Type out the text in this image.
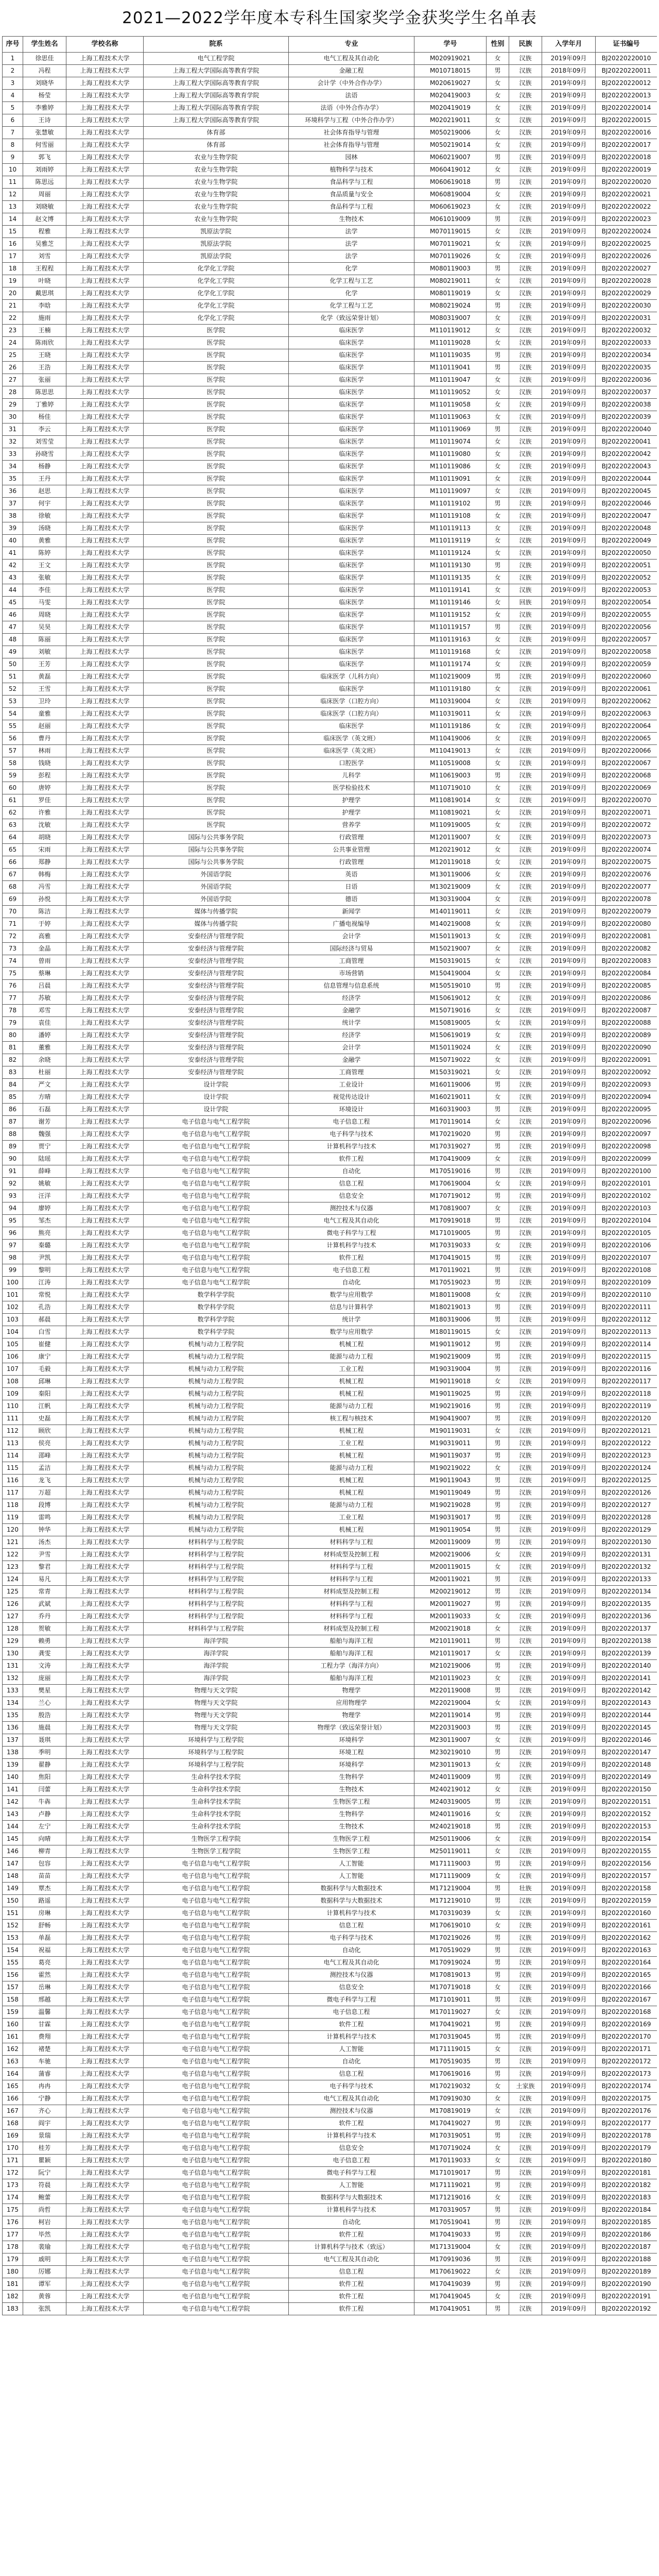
2021—2022学年度本专科生国家奖学金获奖学生名单表
序号	学生姓名	学校名称	院系	专业	学号	性别	民族	入学年月	证书编号
1	徐思佳	上海工程技术大学	电气工程学院	电气工程及其自动化	M020919021	女	汉族	2019年09月	BJ20220220010
2	冯程	上海工程技术大学	上海工程大学国际高等教育学院	金融工程	M010718015	男	汉族	2018年09月	BJ20220220011
3	刘晓华	上海工程技术大学	上海工程大学国际高等教育学院	会计学（中外合作办学）	M020619027	女	汉族	2019年09月	BJ20220220012
4	杨莹	上海工程技术大学	上海工程大学国际高等教育学院	法语	M020419003	女	汉族	2019年09月	BJ20220220013
5	李雅婷	上海工程技术大学	上海工程大学国际高等教育学院	法语（中外合作办学）	M020419019	女	汉族	2019年09月	BJ20220220014
6	王诗	上海工程技术大学	上海工程大学国际高等教育学院	环境科学与工程（中外合作办学）	M020219011	女	汉族	2019年09月	BJ20220220015
7	张慧敏	上海工程技术大学	体育部	社会体育指导与管理	M050219006	女	汉族	2019年09月	BJ20220220016
8	何雪丽	上海工程技术大学	体育部	社会体育指导与管理	M050219014	女	汉族	2019年09月	BJ20220220017
9	郭飞	上海工程技术大学	农业与生物学院	园林	M060219007	男	汉族	2019年09月	BJ20220220018
10	刘雨婷	上海工程技术大学	农业与生物学院	植物科学与技术	M060419012	女	汉族	2019年09月	BJ20220220019
11	陈思远	上海工程技术大学	农业与生物学院	食品科学与工程	M060619018	男	汉族	2019年09月	BJ20220220020
12	周丽	上海工程技术大学	农业与生物学院	食品质量与安全	M060819004	女	汉族	2019年09月	BJ20220220021
13	刘晓敏	上海工程技术大学	农业与生物学院	食品科学与工程	M060619023	女	汉族	2019年09月	BJ20220220022
14	赵文博	上海工程技术大学	农业与生物学院	生物技术	M061019009	男	汉族	2019年09月	BJ20220220023
15	程雅	上海工程技术大学	凯原法学院	法学	M070119015	女	汉族	2019年09月	BJ20220220024
16	吴雅芝	上海工程技术大学	凯原法学院	法学	M070119021	女	汉族	2019年09月	BJ20220220025
17	刘雪	上海工程技术大学	凯原法学院	法学	M070119026	女	汉族	2019年09月	BJ20220220026
18	王程程	上海工程技术大学	化学化工学院	化学	M080119003	男	汉族	2019年09月	BJ20220220027
19	叶晓	上海工程技术大学	化学化工学院	化学工程与工艺	M080219011	女	汉族	2019年09月	BJ20220220028
20	戴思琪	上海工程技术大学	化学化工学院	化学	M080119019	女	汉族	2019年09月	BJ20220220029
21	李晗	上海工程技术大学	化学化工学院	化学工程与工艺	M080219024	男	汉族	2019年09月	BJ20220220030
22	施雨	上海工程技术大学	化学化工学院	化学（致远荣誉计划）	M080319007	女	汉族	2019年09月	BJ20220220031
23	王楠	上海工程技术大学	医学院	临床医学	M110119012	女	汉族	2019年09月	BJ20220220032
24	陈雨欣	上海工程技术大学	医学院	临床医学	M110119028	女	汉族	2019年09月	BJ20220220033
25	王晓	上海工程技术大学	医学院	临床医学	M110119035	男	汉族	2019年09月	BJ20220220034
26	王浩	上海工程技术大学	医学院	临床医学	M110119041	男	汉族	2019年09月	BJ20220220035
27	张丽	上海工程技术大学	医学院	临床医学	M110119047	女	汉族	2019年09月	BJ20220220036
28	陈思思	上海工程技术大学	医学院	临床医学	M110119052	女	汉族	2019年09月	BJ20220220037
29	丁雅婷	上海工程技术大学	医学院	临床医学	M110119058	女	汉族	2019年09月	BJ20220220038
30	杨佳	上海工程技术大学	医学院	临床医学	M110119063	女	汉族	2019年09月	BJ20220220039
31	李云	上海工程技术大学	医学院	临床医学	M110119069	男	汉族	2019年09月	BJ20220220040
32	刘雪莹	上海工程技术大学	医学院	临床医学	M110119074	女	汉族	2019年09月	BJ20220220041
33	孙晓雪	上海工程技术大学	医学院	临床医学	M110119080	女	汉族	2019年09月	BJ20220220042
34	杨静	上海工程技术大学	医学院	临床医学	M110119086	女	汉族	2019年09月	BJ20220220043
35	王丹	上海工程技术大学	医学院	临床医学	M110119091	女	汉族	2019年09月	BJ20220220044
36	赵思	上海工程技术大学	医学院	临床医学	M110119097	女	汉族	2019年09月	BJ20220220045
37	何宇	上海工程技术大学	医学院	临床医学	M110119102	男	汉族	2019年09月	BJ20220220046
38	徐敏	上海工程技术大学	医学院	临床医学	M110119108	女	汉族	2019年09月	BJ20220220047
39	汤晓	上海工程技术大学	医学院	临床医学	M110119113	女	汉族	2019年09月	BJ20220220048
40	黄雅	上海工程技术大学	医学院	临床医学	M110119119	女	汉族	2019年09月	BJ20220220049
41	陈婷	上海工程技术大学	医学院	临床医学	M110119124	女	汉族	2019年09月	BJ20220220050
42	王文	上海工程技术大学	医学院	临床医学	M110119130	男	汉族	2019年09月	BJ20220220051
43	张敏	上海工程技术大学	医学院	临床医学	M110119135	女	汉族	2019年09月	BJ20220220052
44	李佳	上海工程技术大学	医学院	临床医学	M110119141	女	汉族	2019年09月	BJ20220220053
45	马雯	上海工程技术大学	医学院	临床医学	M110119146	女	回族	2019年09月	BJ20220220054
46	周晓	上海工程技术大学	医学院	临床医学	M110119152	女	汉族	2019年09月	BJ20220220055
47	吴昊	上海工程技术大学	医学院	临床医学	M110119157	男	汉族	2019年09月	BJ20220220056
48	陈丽	上海工程技术大学	医学院	临床医学	M110119163	女	汉族	2019年09月	BJ20220220057
49	刘敏	上海工程技术大学	医学院	临床医学	M110119168	女	汉族	2019年09月	BJ20220220058
50	王芳	上海工程技术大学	医学院	临床医学	M110119174	女	汉族	2019年09月	BJ20220220059
51	黄磊	上海工程技术大学	医学院	临床医学（儿科方向）	M110219009	男	汉族	2019年09月	BJ20220220060
52	王雪	上海工程技术大学	医学院	临床医学	M110119180	女	汉族	2019年09月	BJ20220220061
53	卫玲	上海工程技术大学	医学院	临床医学（口腔方向）	M110319004	女	汉族	2019年09月	BJ20220220062
54	童雅	上海工程技术大学	医学院	临床医学（口腔方向）	M110319011	女	汉族	2019年09月	BJ20220220063
55	赵丽	上海工程技术大学	医学院	临床医学	M110119186	女	汉族	2019年09月	BJ20220220064
56	曹丹	上海工程技术大学	医学院	临床医学（英文班）	M110419006	女	汉族	2019年09月	BJ20220220065
57	林雨	上海工程技术大学	医学院	临床医学（英文班）	M110419013	女	汉族	2019年09月	BJ20220220066
58	钱晓	上海工程技术大学	医学院	口腔医学	M110519008	女	汉族	2019年09月	BJ20220220067
59	彭程	上海工程技术大学	医学院	儿科学	M110619003	男	汉族	2019年09月	BJ20220220068
60	唐婷	上海工程技术大学	医学院	医学检验技术	M110719010	女	汉族	2019年09月	BJ20220220069
61	罗佳	上海工程技术大学	医学院	护理学	M110819014	女	汉族	2019年09月	BJ20220220070
62	许雅	上海工程技术大学	医学院	护理学	M110819021	女	汉族	2019年09月	BJ20220220071
63	沈敏	上海工程技术大学	医学院	营养学	M110919005	女	汉族	2019年09月	BJ20220220072
64	胡晓	上海工程技术大学	国际与公共事务学院	行政管理	M120119007	女	汉族	2019年09月	BJ20220220073
65	宋雨	上海工程技术大学	国际与公共事务学院	公共事业管理	M120219012	女	汉族	2019年09月	BJ20220220074
66	郑静	上海工程技术大学	国际与公共事务学院	行政管理	M120119018	女	汉族	2019年09月	BJ20220220075
67	韩梅	上海工程技术大学	外国语学院	英语	M130119006	女	汉族	2019年09月	BJ20220220076
68	冯雪	上海工程技术大学	外国语学院	日语	M130219009	女	汉族	2019年09月	BJ20220220077
69	孙悦	上海工程技术大学	外国语学院	德语	M130319004	女	汉族	2019年09月	BJ20220220078
70	陈洁	上海工程技术大学	媒体与传播学院	新闻学	M140119011	女	汉族	2019年09月	BJ20220220079
71	于婷	上海工程技术大学	媒体与传播学院	广播电视编导	M140219008	女	汉族	2019年09月	BJ20220220080
72	高雅	上海工程技术大学	安泰经济与管理学院	会计学	M150119013	女	汉族	2019年09月	BJ20220220081
73	金晶	上海工程技术大学	安泰经济与管理学院	国际经济与贸易	M150219007	女	汉族	2019年09月	BJ20220220082
74	曾雨	上海工程技术大学	安泰经济与管理学院	工商管理	M150319015	女	汉族	2019年09月	BJ20220220083
75	蔡琳	上海工程技术大学	安泰经济与管理学院	市场营销	M150419004	女	汉族	2019年09月	BJ20220220084
76	吕晨	上海工程技术大学	安泰经济与管理学院	信息管理与信息系统	M150519010	男	汉族	2019年09月	BJ20220220085
77	苏敏	上海工程技术大学	安泰经济与管理学院	经济学	M150619012	女	汉族	2019年09月	BJ20220220086
78	邓雪	上海工程技术大学	安泰经济与管理学院	金融学	M150719016	女	汉族	2019年09月	BJ20220220087
79	袁佳	上海工程技术大学	安泰经济与管理学院	统计学	M150819005	女	汉族	2019年09月	BJ20220220088
80	潘婷	上海工程技术大学	安泰经济与管理学院	经济学	M150619019	女	汉族	2019年09月	BJ20220220089
81	董雅	上海工程技术大学	安泰经济与管理学院	会计学	M150119024	女	汉族	2019年09月	BJ20220220090
82	余晓	上海工程技术大学	安泰经济与管理学院	金融学	M150719022	女	汉族	2019年09月	BJ20220220091
83	杜丽	上海工程技术大学	安泰经济与管理学院	工商管理	M150319021	女	汉族	2019年09月	BJ20220220092
84	严文	上海工程技术大学	设计学院	工业设计	M160119006	男	汉族	2019年09月	BJ20220220093
85	方晴	上海工程技术大学	设计学院	视觉传达设计	M160219011	女	汉族	2019年09月	BJ20220220094
86	石磊	上海工程技术大学	设计学院	环境设计	M160319003	男	汉族	2019年09月	BJ20220220095
87	谢芳	上海工程技术大学	电子信息与电气工程学院	电子信息工程	M170119014	女	汉族	2019年09月	BJ20220220096
88	魏强	上海工程技术大学	电子信息与电气工程学院	电子科学与技术	M170219020	男	汉族	2019年09月	BJ20220220097
89	贾宁	上海工程技术大学	电子信息与电气工程学院	计算机科学与技术	M170319027	男	汉族	2019年09月	BJ20220220098
90	陆瑶	上海工程技术大学	电子信息与电气工程学院	软件工程	M170419009	女	汉族	2019年09月	BJ20220220099
91	薛峰	上海工程技术大学	电子信息与电气工程学院	自动化	M170519016	男	汉族	2019年09月	BJ20220220100
92	姚敏	上海工程技术大学	电子信息与电气工程学院	信息工程	M170619004	女	汉族	2019年09月	BJ20220220101
93	汪洋	上海工程技术大学	电子信息与电气工程学院	信息安全	M170719012	男	汉族	2019年09月	BJ20220220102
94	廖婷	上海工程技术大学	电子信息与电气工程学院	测控技术与仪器	M170819007	女	汉族	2019年09月	BJ20220220103
95	邹杰	上海工程技术大学	电子信息与电气工程学院	电气工程及其自动化	M170919018	男	汉族	2019年09月	BJ20220220104
96	熊亮	上海工程技术大学	电子信息与电气工程学院	微电子科学与工程	M171019005	男	汉族	2019年09月	BJ20220220105
97	秦璐	上海工程技术大学	电子信息与电气工程学院	计算机科学与技术	M170319033	女	汉族	2019年09月	BJ20220220106
98	尹凯	上海工程技术大学	电子信息与电气工程学院	软件工程	M170419015	男	汉族	2019年09月	BJ20220220107
99	黎明	上海工程技术大学	电子信息与电气工程学院	电子信息工程	M170119021	男	汉族	2019年09月	BJ20220220108
100	江涛	上海工程技术大学	电子信息与电气工程学院	自动化	M170519023	男	汉族	2019年09月	BJ20220220109
101	常悦	上海工程技术大学	数学科学学院	数学与应用数学	M180119008	女	汉族	2019年09月	BJ20220220110
102	孔浩	上海工程技术大学	数学科学学院	信息与计算科学	M180219013	男	汉族	2019年09月	BJ20220220111
103	郝晨	上海工程技术大学	数学科学学院	统计学	M180319006	男	汉族	2019年09月	BJ20220220112
104	白雪	上海工程技术大学	数学科学学院	数学与应用数学	M180119015	女	汉族	2019年09月	BJ20220220113
105	崔健	上海工程技术大学	机械与动力工程学院	机械工程	M190119012	男	汉族	2019年09月	BJ20220220114
106	康宁	上海工程技术大学	机械与动力工程学院	能源与动力工程	M190219009	男	汉族	2019年09月	BJ20220220115
107	毛毅	上海工程技术大学	机械与动力工程学院	工业工程	M190319004	男	汉族	2019年09月	BJ20220220116
108	邱琳	上海工程技术大学	机械与动力工程学院	机械工程	M190119018	女	汉族	2019年09月	BJ20220220117
109	秦阳	上海工程技术大学	机械与动力工程学院	机械工程	M190119025	男	汉族	2019年09月	BJ20220220118
110	江帆	上海工程技术大学	机械与动力工程学院	能源与动力工程	M190219016	男	汉族	2019年09月	BJ20220220119
111	史磊	上海工程技术大学	机械与动力工程学院	核工程与核技术	M190419007	男	汉族	2019年09月	BJ20220220120
112	顾欣	上海工程技术大学	机械与动力工程学院	机械工程	M190119031	女	汉族	2019年09月	BJ20220220121
113	侯亮	上海工程技术大学	机械与动力工程学院	工业工程	M190319011	男	汉族	2019年09月	BJ20220220122
114	邵峰	上海工程技术大学	机械与动力工程学院	机械工程	M190119037	男	汉族	2019年09月	BJ20220220123
115	孟洁	上海工程技术大学	机械与动力工程学院	能源与动力工程	M190219022	女	汉族	2019年09月	BJ20220220124
116	龙飞	上海工程技术大学	机械与动力工程学院	机械工程	M190119043	男	汉族	2019年09月	BJ20220220125
117	万超	上海工程技术大学	机械与动力工程学院	机械工程	M190119049	男	汉族	2019年09月	BJ20220220126
118	段博	上海工程技术大学	机械与动力工程学院	能源与动力工程	M190219028	男	汉族	2019年09月	BJ20220220127
119	雷鸣	上海工程技术大学	机械与动力工程学院	工业工程	M190319017	男	汉族	2019年09月	BJ20220220128
120	钟华	上海工程技术大学	机械与动力工程学院	机械工程	M190119054	男	汉族	2019年09月	BJ20220220129
121	汤杰	上海工程技术大学	材料科学与工程学院	材料科学与工程	M200119009	男	汉族	2019年09月	BJ20220220130
122	尹雪	上海工程技术大学	材料科学与工程学院	材料成型及控制工程	M200219006	女	汉族	2019年09月	BJ20220220131
123	黎君	上海工程技术大学	材料科学与工程学院	材料科学与工程	M200119015	女	汉族	2019年09月	BJ20220220132
124	易凡	上海工程技术大学	材料科学与工程学院	材料科学与工程	M200119021	男	汉族	2019年09月	BJ20220220133
125	常青	上海工程技术大学	材料科学与工程学院	材料成型及控制工程	M200219012	男	汉族	2019年09月	BJ20220220134
126	武斌	上海工程技术大学	材料科学与工程学院	材料科学与工程	M200119027	男	汉族	2019年09月	BJ20220220135
127	乔丹	上海工程技术大学	材料科学与工程学院	材料科学与工程	M200119033	女	汉族	2019年09月	BJ20220220136
128	贺敏	上海工程技术大学	材料科学与工程学院	材料成型及控制工程	M200219018	女	汉族	2019年09月	BJ20220220137
129	赖勇	上海工程技术大学	海洋学院	船舶与海洋工程	M210119011	男	汉族	2019年09月	BJ20220220138
130	龚雯	上海工程技术大学	海洋学院	船舶与海洋工程	M210119017	女	汉族	2019年09月	BJ20220220139
131	文涛	上海工程技术大学	海洋学院	工程力学（海洋方向）	M210219006	男	汉族	2019年09月	BJ20220220140
132	庞丽	上海工程技术大学	海洋学院	船舶与海洋工程	M210119023	女	汉族	2019年09月	BJ20220220141
133	樊星	上海工程技术大学	物理与天文学院	物理学	M220119008	男	汉族	2019年09月	BJ20220220142
134	兰心	上海工程技术大学	物理与天文学院	应用物理学	M220219004	女	汉族	2019年09月	BJ20220220143
135	殷浩	上海工程技术大学	物理与天文学院	物理学	M220119014	男	汉族	2019年09月	BJ20220220144
136	施晨	上海工程技术大学	物理与天文学院	物理学（致远荣誉计划）	M220319003	男	汉族	2019年09月	BJ20220220145
137	聂琪	上海工程技术大学	环境科学与工程学院	环境科学	M230119007	女	汉族	2019年09月	BJ20220220146
138	季明	上海工程技术大学	环境科学与工程学院	环境工程	M230219010	男	汉族	2019年09月	BJ20220220147
139	翟静	上海工程技术大学	环境科学与工程学院	环境科学	M230119013	女	汉族	2019年09月	BJ20220220148
140	焦阳	上海工程技术大学	生命科学技术学院	生物科学	M240119009	男	汉族	2019年09月	BJ20220220149
141	闫蕾	上海工程技术大学	生命科学技术学院	生物技术	M240219012	女	汉族	2019年09月	BJ20220220150
142	牛犇	上海工程技术大学	生命科学技术学院	生物医学工程	M240319005	男	汉族	2019年09月	BJ20220220151
143	卢静	上海工程技术大学	生命科学技术学院	生物科学	M240119016	女	汉族	2019年09月	BJ20220220152
144	左宁	上海工程技术大学	生命科学技术学院	生物技术	M240219018	男	汉族	2019年09月	BJ20220220153
145	向晴	上海工程技术大学	生物医学工程学院	生物医学工程	M250119006	女	汉族	2019年09月	BJ20220220154
146	柳青	上海工程技术大学	生物医学工程学院	生物医学工程	M250119011	女	汉族	2019年09月	BJ20220220155
147	包容	上海工程技术大学	电子信息与电气工程学院	人工智能	M171119003	男	汉族	2019年09月	BJ20220220156
148	苗苗	上海工程技术大学	电子信息与电气工程学院	人工智能	M171119009	女	汉族	2019年09月	BJ20220220157
149	覃杰	上海工程技术大学	电子信息与电气工程学院	数据科学与大数据技术	M171219004	男	壮族	2019年09月	BJ20220220158
150	路遥	上海工程技术大学	电子信息与电气工程学院	数据科学与大数据技术	M171219010	男	汉族	2019年09月	BJ20220220159
151	房琳	上海工程技术大学	电子信息与电气工程学院	计算机科学与技术	M170319039	女	汉族	2019年09月	BJ20220220160
152	舒畅	上海工程技术大学	电子信息与电气工程学院	信息工程	M170619010	女	汉族	2019年09月	BJ20220220161
153	单磊	上海工程技术大学	电子信息与电气工程学院	电子科学与技术	M170219026	男	汉族	2019年09月	BJ20220220162
154	祝福	上海工程技术大学	电子信息与电气工程学院	自动化	M170519029	男	汉族	2019年09月	BJ20220220163
155	葛亮	上海工程技术大学	电子信息与电气工程学院	电气工程及其自动化	M170919024	男	汉族	2019年09月	BJ20220220164
156	霍然	上海工程技术大学	电子信息与电气工程学院	测控技术与仪器	M170819013	男	汉族	2019年09月	BJ20220220165
157	岳琳	上海工程技术大学	电子信息与电气工程学院	信息安全	M170719018	女	汉族	2019年09月	BJ20220220166
158	邢越	上海工程技术大学	电子信息与电气工程学院	微电子科学与工程	M171019011	男	汉族	2019年09月	BJ20220220167
159	温馨	上海工程技术大学	电子信息与电气工程学院	电子信息工程	M170119027	女	汉族	2019年09月	BJ20220220168
160	甘霖	上海工程技术大学	电子信息与电气工程学院	软件工程	M170419021	男	汉族	2019年09月	BJ20220220169
161	费翔	上海工程技术大学	电子信息与电气工程学院	计算机科学与技术	M170319045	男	汉族	2019年09月	BJ20220220170
162	褚楚	上海工程技术大学	电子信息与电气工程学院	人工智能	M171119015	女	汉族	2019年09月	BJ20220220171
163	车驰	上海工程技术大学	电子信息与电气工程学院	自动化	M170519035	男	汉族	2019年09月	BJ20220220172
164	蒲睿	上海工程技术大学	电子信息与电气工程学院	信息工程	M170619016	男	汉族	2019年09月	BJ20220220173
165	冉冉	上海工程技术大学	电子信息与电气工程学院	电子科学与技术	M170219032	女	土家族	2019年09月	BJ20220220174
166	宁静	上海工程技术大学	电子信息与电气工程学院	电气工程及其自动化	M170919030	女	汉族	2019年09月	BJ20220220175
167	齐心	上海工程技术大学	电子信息与电气工程学院	测控技术与仪器	M170819019	女	汉族	2019年09月	BJ20220220176
168	阎宇	上海工程技术大学	电子信息与电气工程学院	软件工程	M170419027	男	汉族	2019年09月	BJ20220220177
169	景瑞	上海工程技术大学	电子信息与电气工程学院	计算机科学与技术	M170319051	男	汉族	2019年09月	BJ20220220178
170	桂芳	上海工程技术大学	电子信息与电气工程学院	信息安全	M170719024	女	汉族	2019年09月	BJ20220220179
171	瞿颖	上海工程技术大学	电子信息与电气工程学院	电子信息工程	M170119033	女	汉族	2019年09月	BJ20220220180
172	阮宁	上海工程技术大学	电子信息与电气工程学院	微电子科学与工程	M171019017	男	汉族	2019年09月	BJ20220220181
173	符晨	上海工程技术大学	电子信息与电气工程学院	人工智能	M171119021	男	汉族	2019年09月	BJ20220220182
174	鲍蕾	上海工程技术大学	电子信息与电气工程学院	数据科学与大数据技术	M171219016	女	汉族	2019年09月	BJ20220220183
175	尚哲	上海工程技术大学	电子信息与电气工程学院	计算机科学与技术	M170319057	男	汉族	2019年09月	BJ20220220184
176	柯岩	上海工程技术大学	电子信息与电气工程学院	自动化	M170519041	男	汉族	2019年09月	BJ20220220185
177	毕然	上海工程技术大学	电子信息与电气工程学院	软件工程	M170419033	男	汉族	2019年09月	BJ20220220186
178	裴瑜	上海工程技术大学	电子信息与电气工程学院	计算机科学与技术（致远）	M171319004	女	汉族	2019年09月	BJ20220220187
179	戚明	上海工程技术大学	电子信息与电气工程学院	电气工程及其自动化	M170919036	男	汉族	2019年09月	BJ20220220188
180	厉娜	上海工程技术大学	电子信息与电气工程学院	信息工程	M170619022	女	汉族	2019年09月	BJ20220220189
181	谭军	上海工程技术大学	电子信息与电气工程学院	软件工程	M170419039	男	汉族	2019年09月	BJ20220220190
182	黄蓉	上海工程技术大学	电子信息与电气工程学院	软件工程	M170419045	女	汉族	2019年09月	BJ20220220191
183	张凯	上海工程技术大学	电子信息与电气工程学院	软件工程	M170419051	男	汉族	2019年09月	BJ20220220192
